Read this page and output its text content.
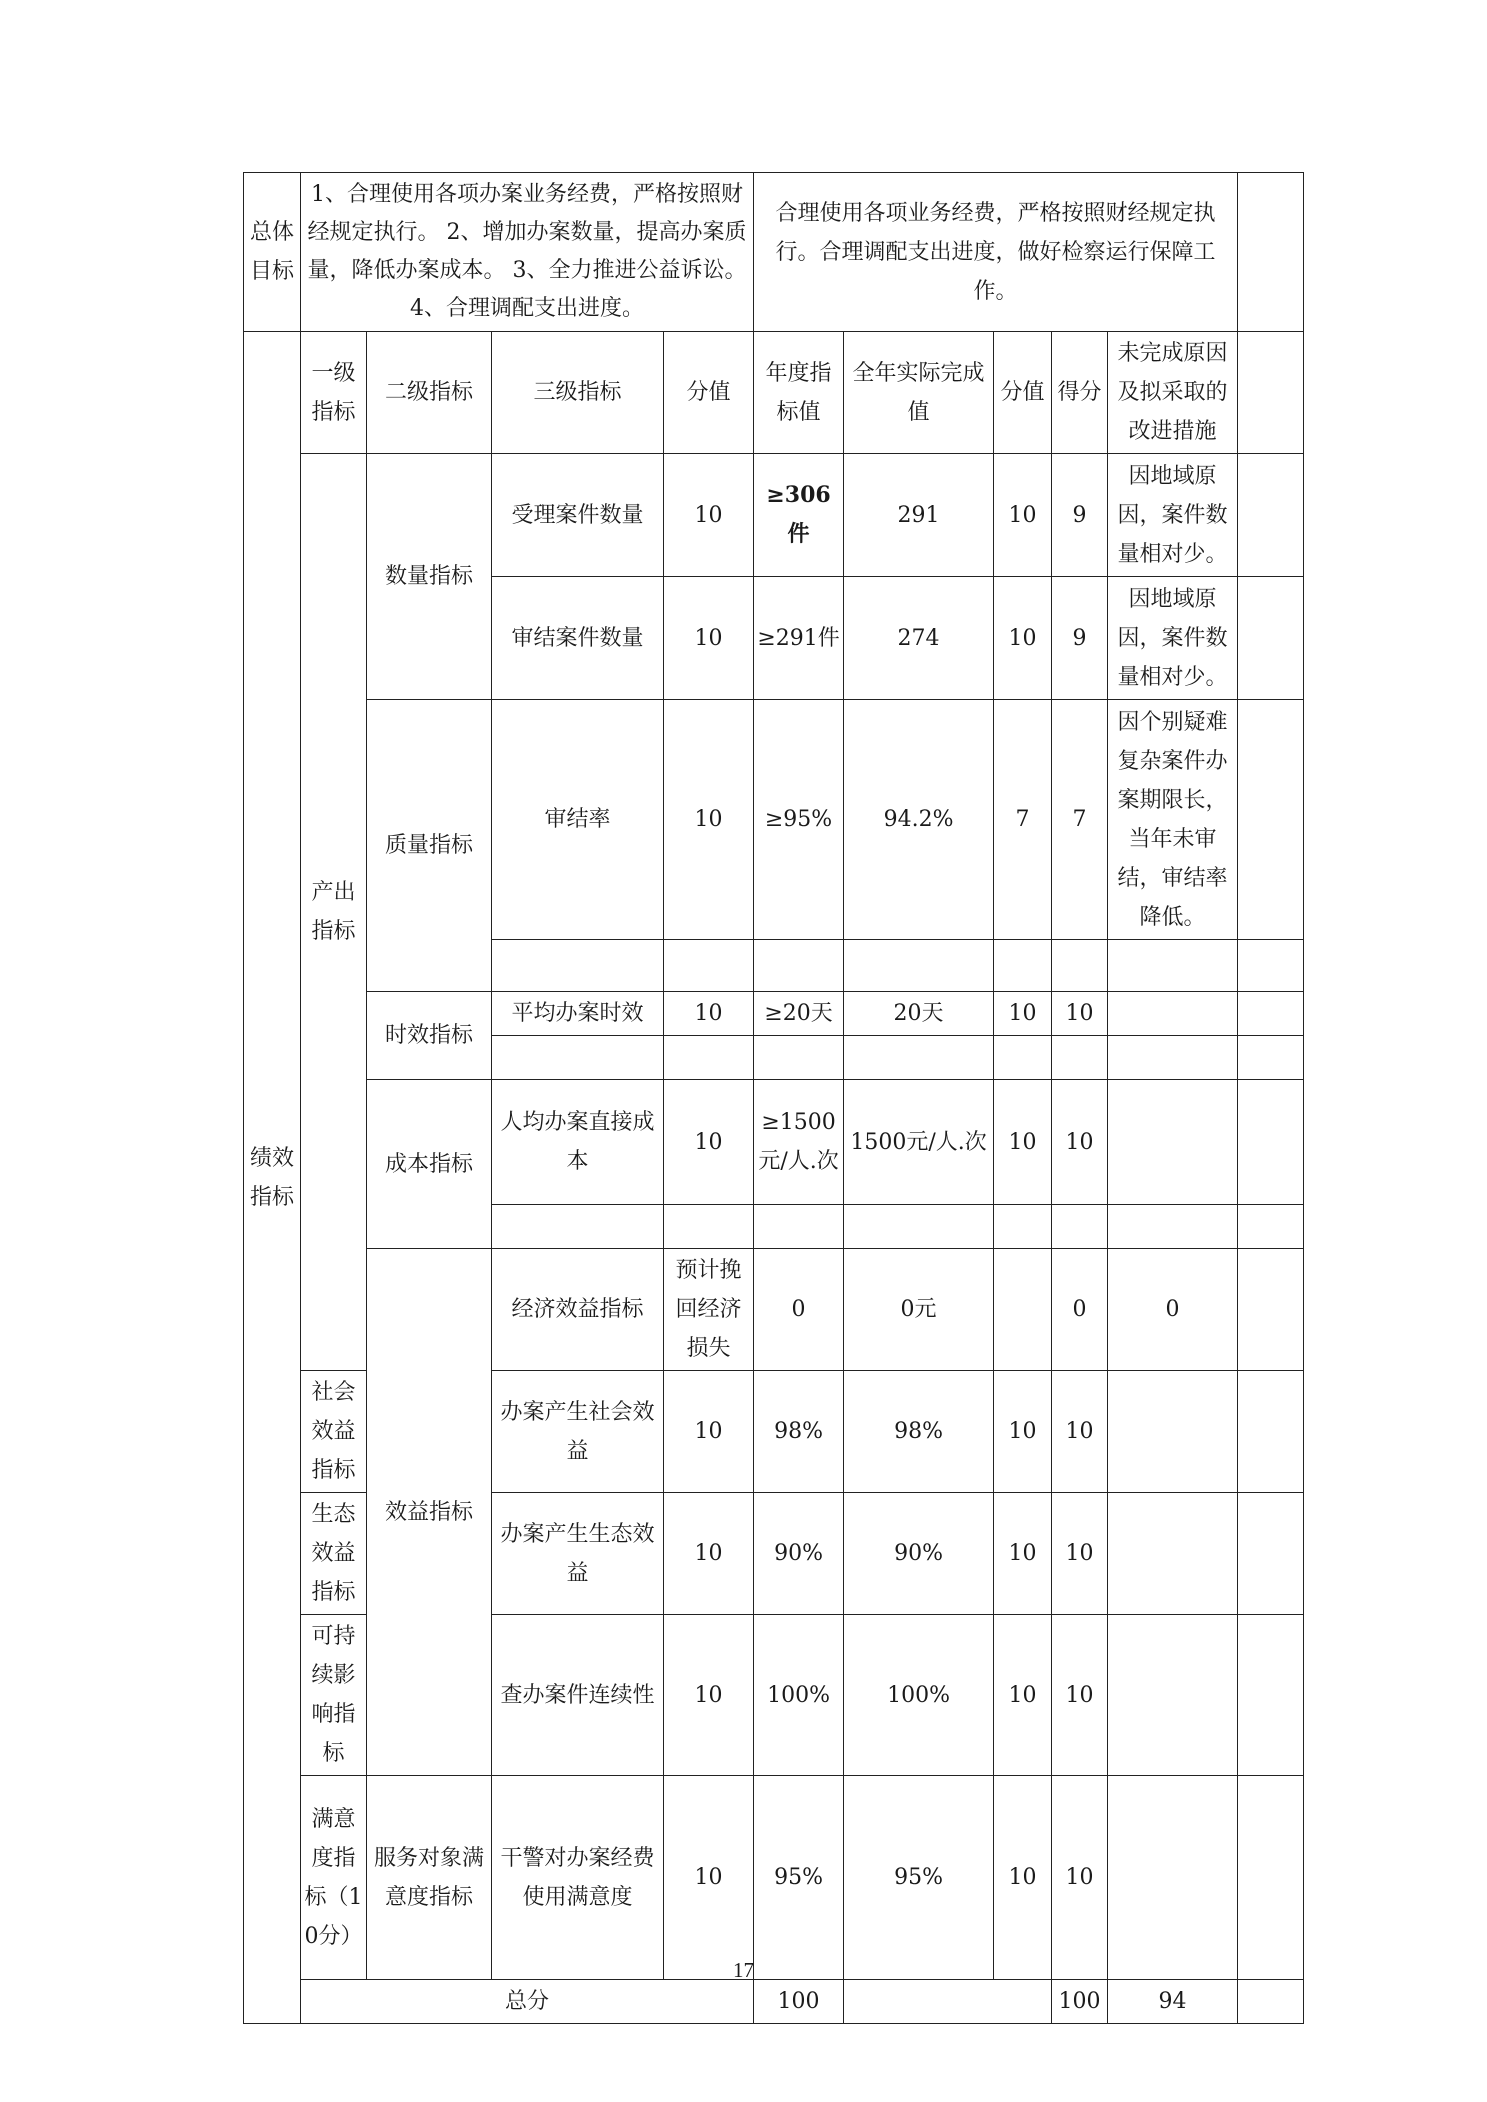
总体目标	1、合理使用各项办案业务经费，严格按照财经规定执行。 2、增加办案数量，提高办案质量，降低办案成本。 3、全力推进公益诉讼。 4、合理调配支出进度。				合理使用各项业务经费，严格按照财经规定执行。合理调配支出进度，做好检察运行保障工作。						
绩效指标	一级指标	二级指标	三级指标	分值	年度指标值	全年实际完成值	分值	得分	未完成原因及拟采取的改进措施		
	产出指标	数量指标	受理案件数量	10	≥306件	291	10	9	因地域原因，案件数量相对少。		
			审结案件数量	10	≥291件	274	10	9	因地域原因，案件数量相对少。		
		质量指标	审结率	10	≥95%	94.2%	7	7	因个别疑难复杂案件办案期限长，当年未审结，审结率降低。		

		时效指标	平均办案时效	10	≥20天	20天	10	10			

		成本指标	人均办案直接成本	10	≥1500元/人.次	1500元/人.次	10	10			

		效益指标	经济效益指标	预计挽回经济损失	0	0元		0	0		
	社会效益指标		办案产生社会效益	10	98%	98%	10	10			
	生态效益指标		办案产生生态效益	10	90%	90%	10	10			
	可持续影响指标		查办案件连续性	10	100%	100%	10	10			
	满意度指标（10分）	服务对象满意度指标	干警对办案经费使用满意度	10	95%	95%	10	10			
	总分				100			100	94		
17
